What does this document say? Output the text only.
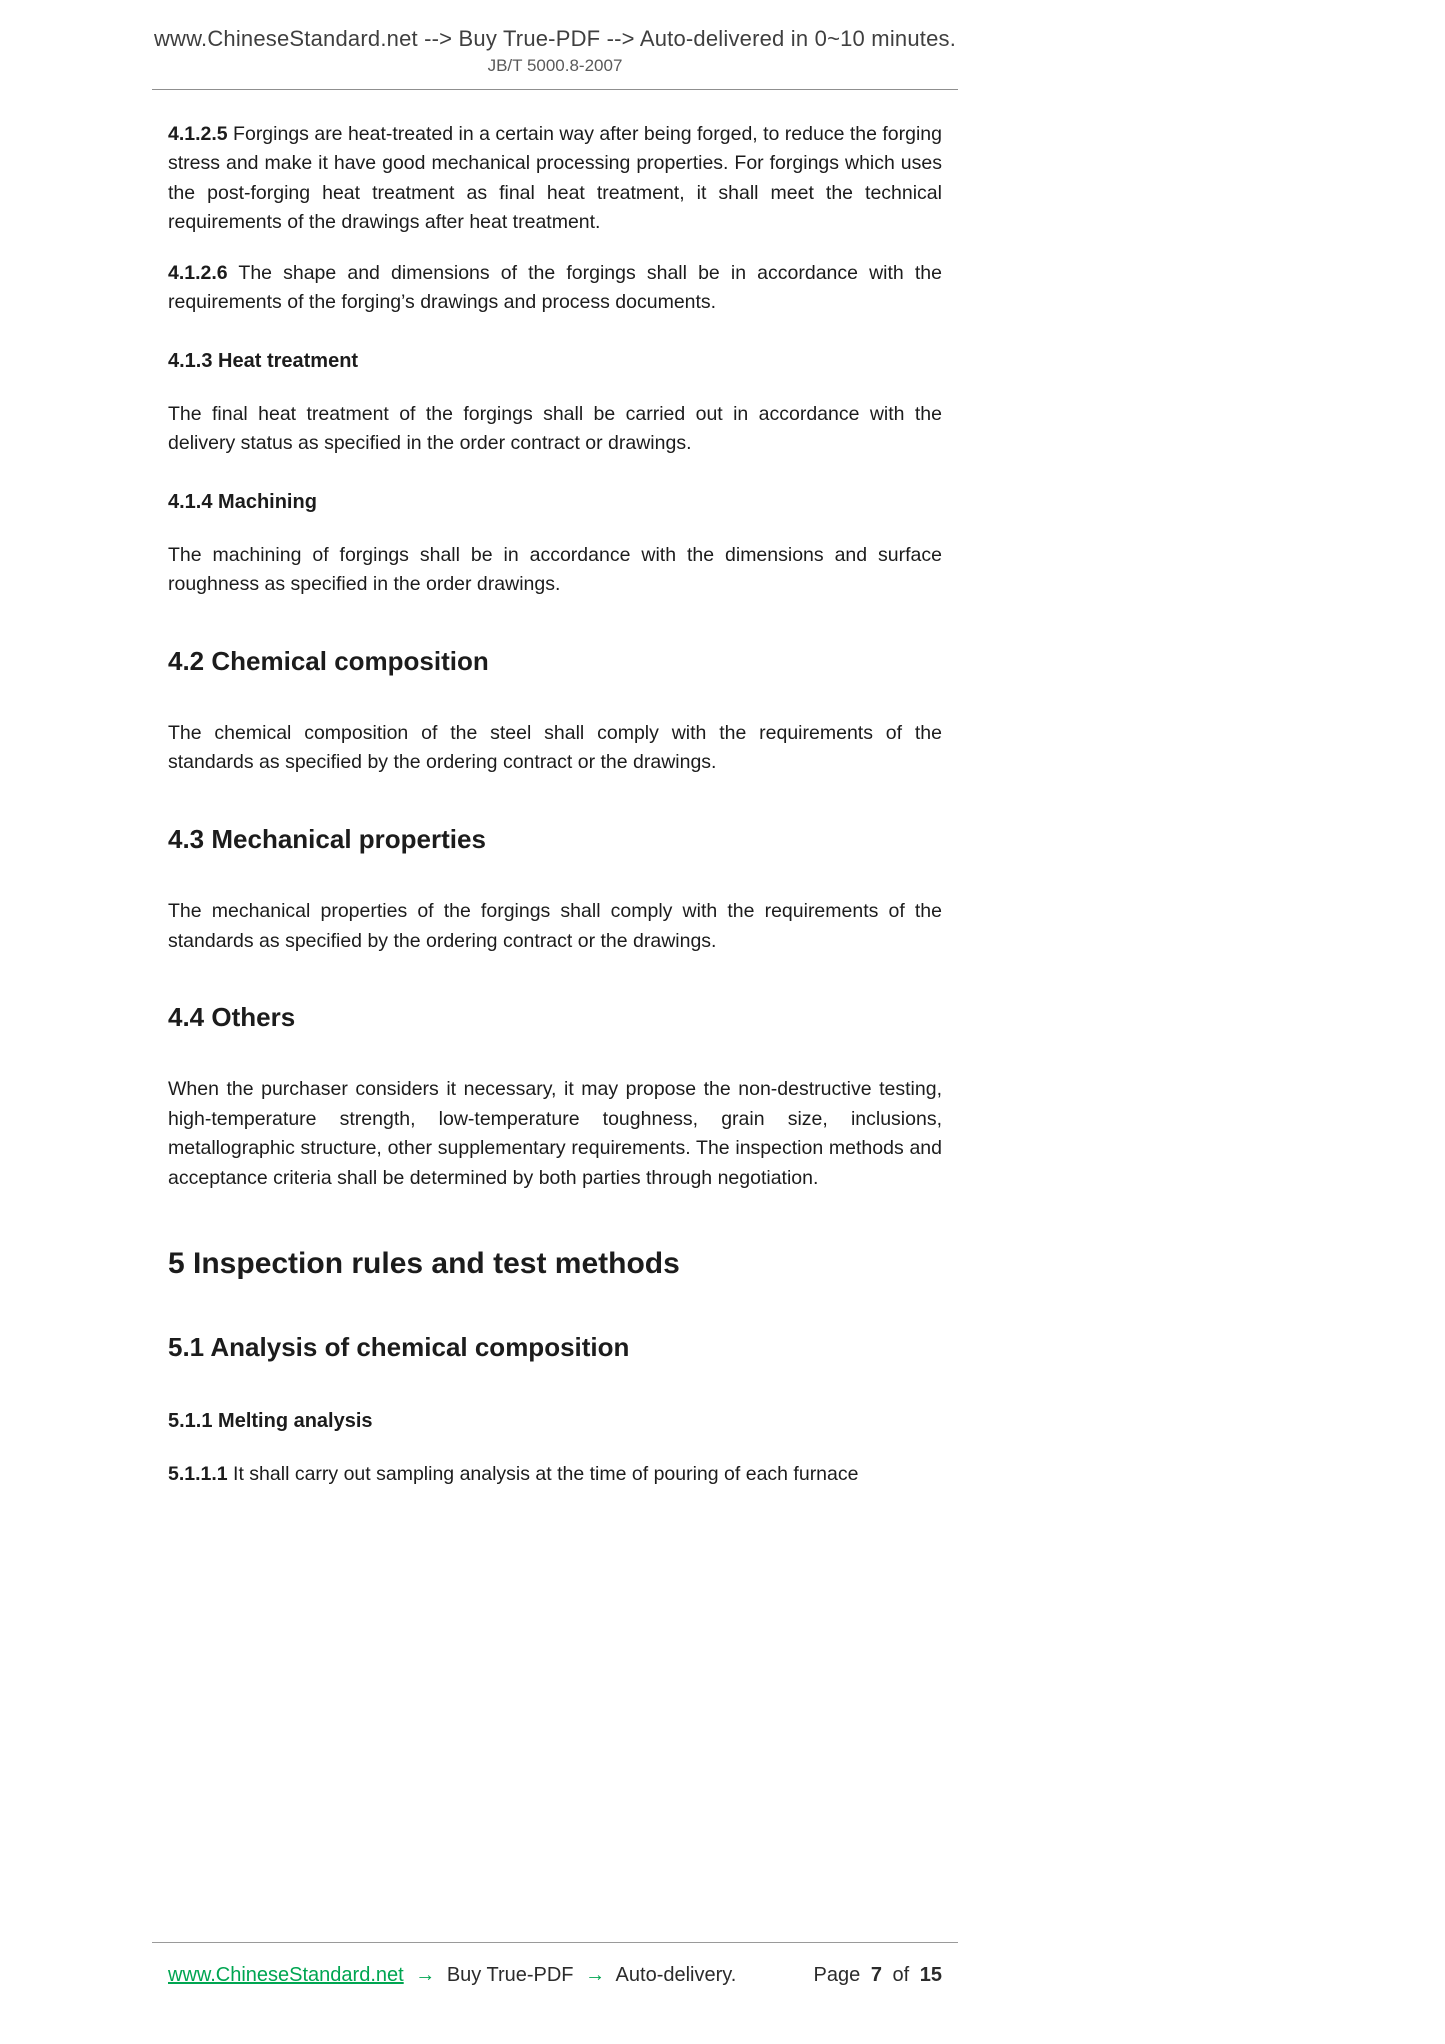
www.ChineseStandard.net --> Buy True-PDF --> Auto-delivered in 0~10 minutes.
JB/T 5000.8-2007

4.1.2.5 Forgings are heat-treated in a certain way after being forged, to reduce the forging stress and make it have good mechanical processing properties. For forgings which uses the post-forging heat treatment as final heat treatment, it shall meet the technical requirements of the drawings after heat treatment.

4.1.2.6 The shape and dimensions of the forgings shall be in accordance with the requirements of the forging’s drawings and process documents.

4.1.3 Heat treatment

The final heat treatment of the forgings shall be carried out in accordance with the delivery status as specified in the order contract or drawings.

4.1.4 Machining

The machining of forgings shall be in accordance with the dimensions and surface roughness as specified in the order drawings.

4.2 Chemical composition

The chemical composition of the steel shall comply with the requirements of the standards as specified by the ordering contract or the drawings.

4.3 Mechanical properties

The mechanical properties of the forgings shall comply with the requirements of the standards as specified by the ordering contract or the drawings.

4.4 Others

When the purchaser considers it necessary, it may propose the non-destructive testing, high-temperature strength, low-temperature toughness, grain size, inclusions, metallographic structure, other supplementary requirements. The inspection methods and acceptance criteria shall be determined by both parties through negotiation.

5 Inspection rules and test methods
5.1 Analysis of chemical composition
5.1.1 Melting analysis

5.1.1.1 It shall carry out sampling analysis at the time of pouring of each furnace

www.ChineseStandard.net → Buy True-PDF → Auto-delivery.	Page 7 of 15
